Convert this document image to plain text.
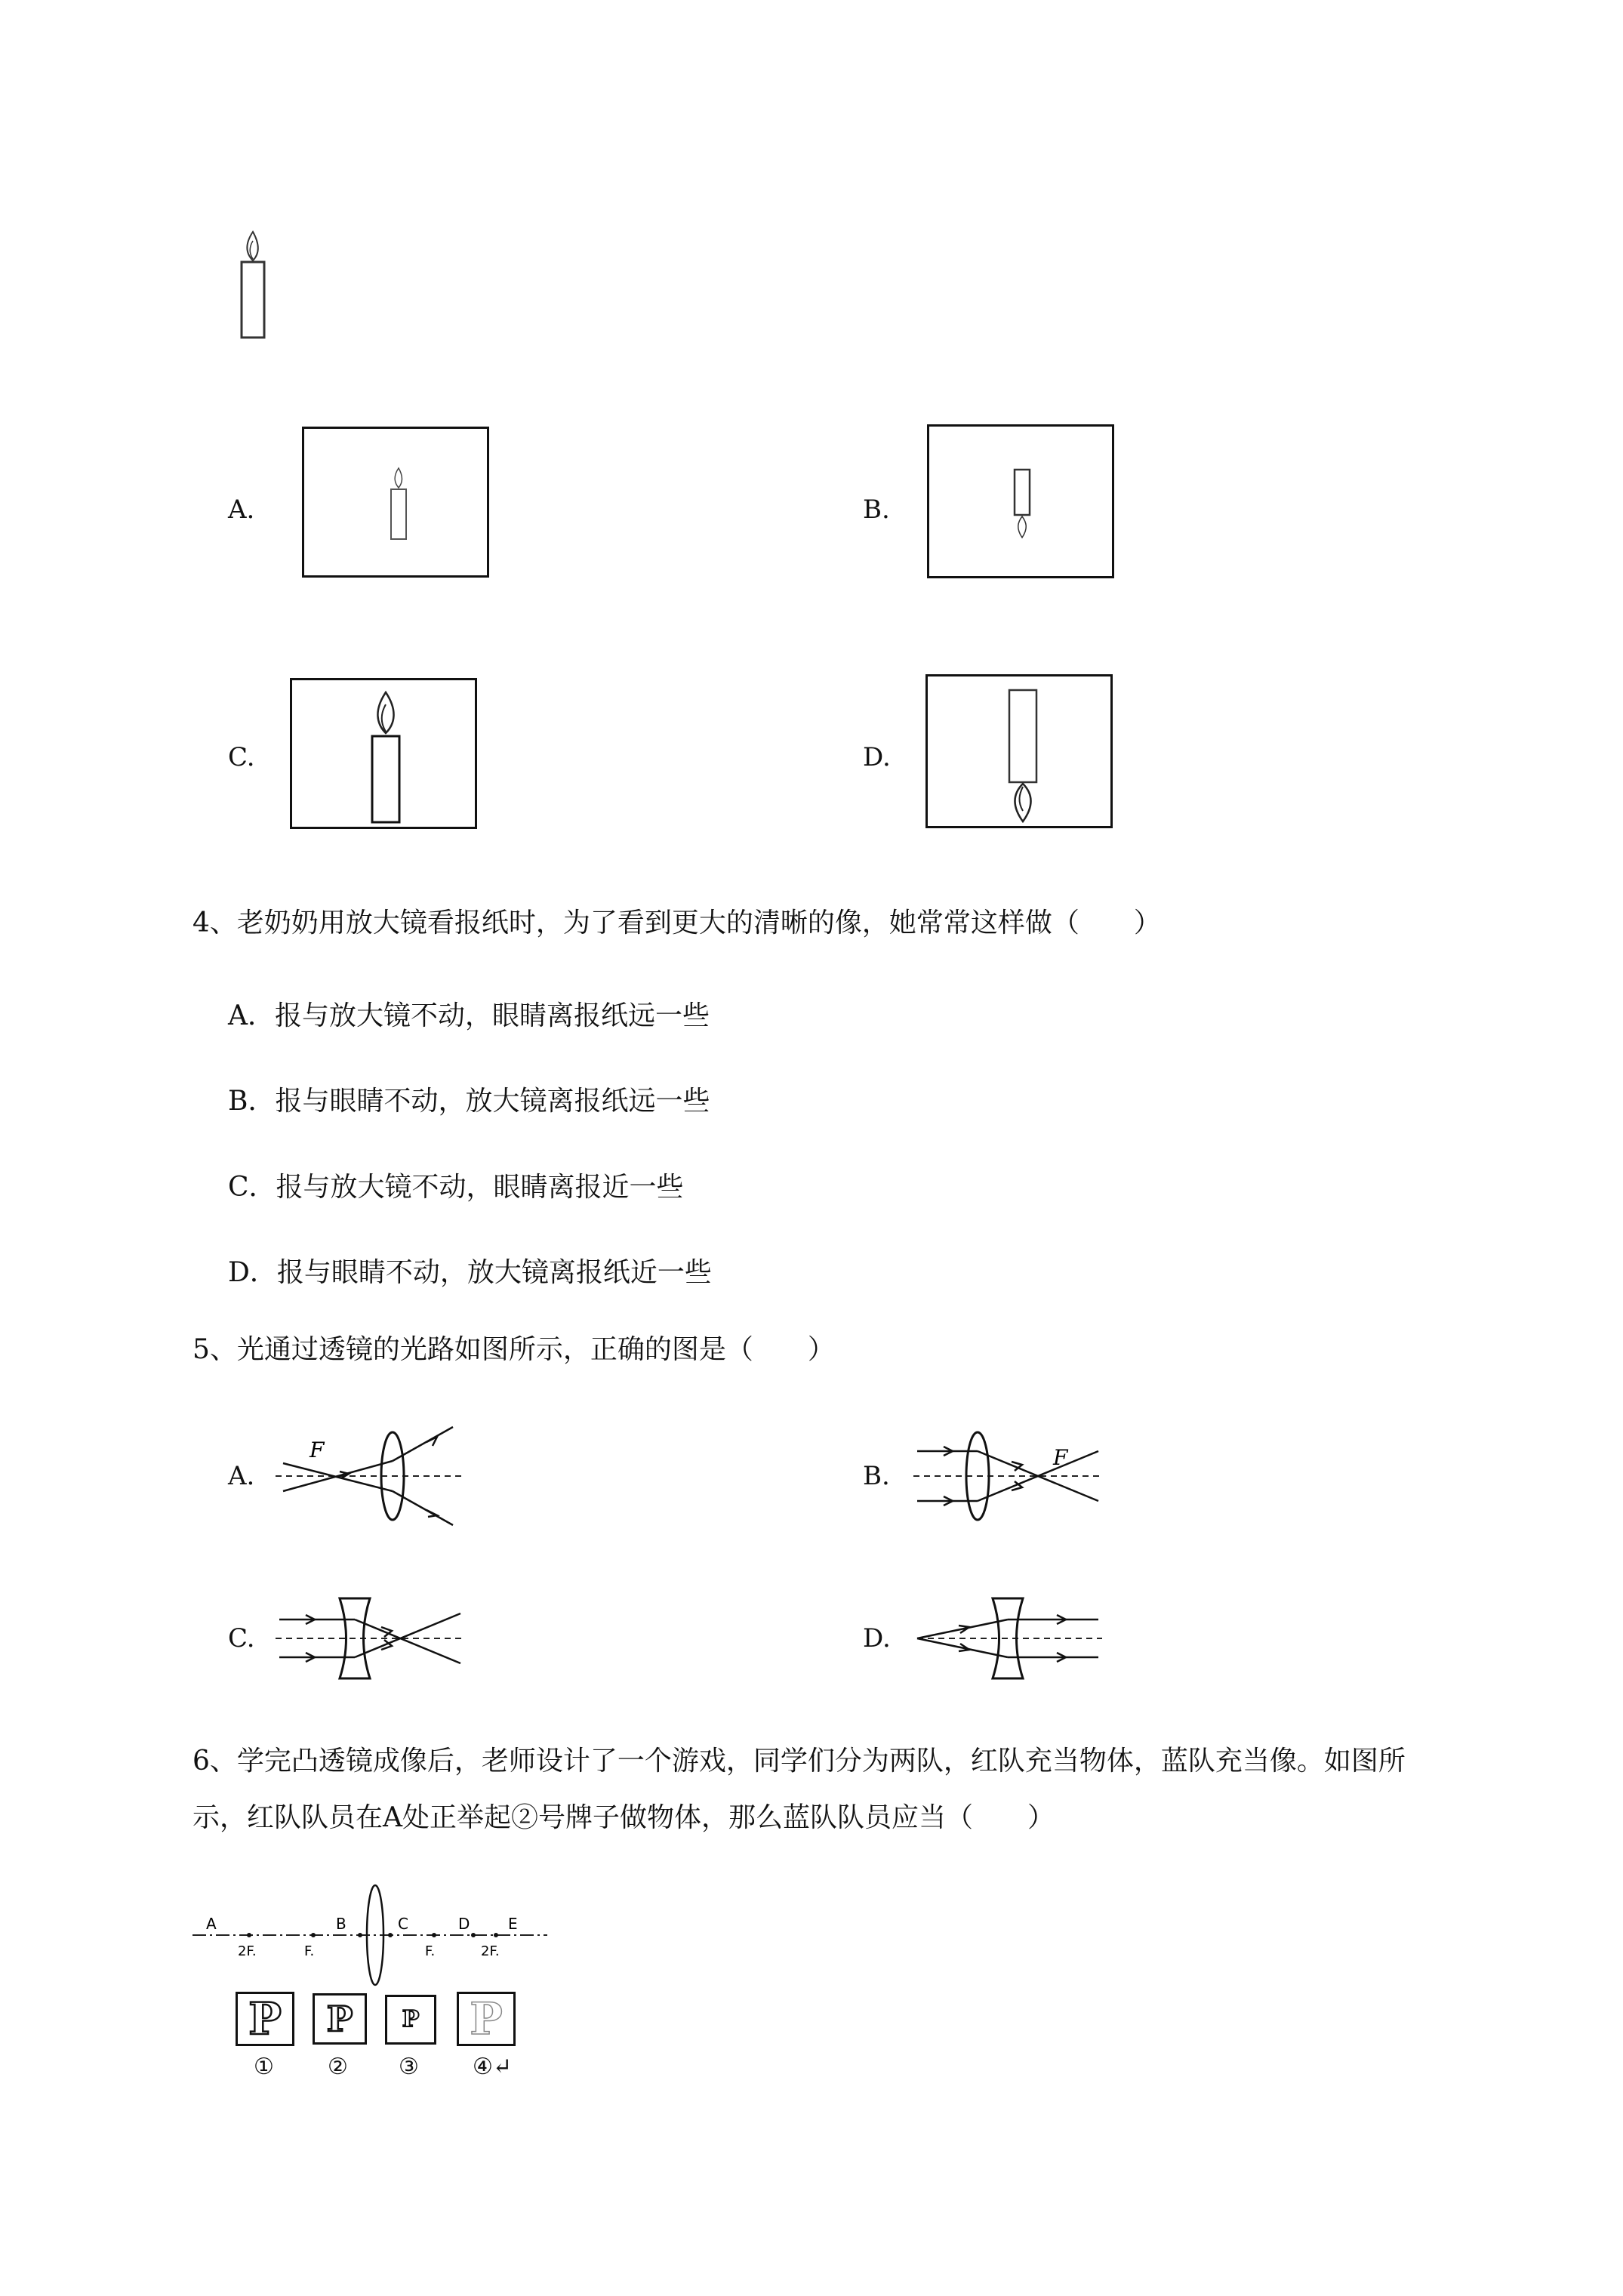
A.	B.
C.	D.
4、老奶奶用放大镜看报纸时，为了看到更大的清晰的像，她常常这样做（　　）
A．报与放大镜不动，眼睛离报纸远一些
B．报与眼睛不动，放大镜离报纸远一些
C．报与放大镜不动，眼睛离报近一些
D．报与眼睛不动，放大镜离报纸近一些
5、光通过透镜的光路如图所示，正确的图是（　　）
A.
F
B.
F
C.	D.
6、学完凸透镜成像后，老师设计了一个游戏，同学们分为两队，红队充当物体，蓝队充当像。如图所
示，红队队员在A处正举起②号牌子做物体，那么蓝队队员应当（　　）
A	B	C	D	E
2F.	F.	F.	2F.
P P P P
① ② ③ ④↵
